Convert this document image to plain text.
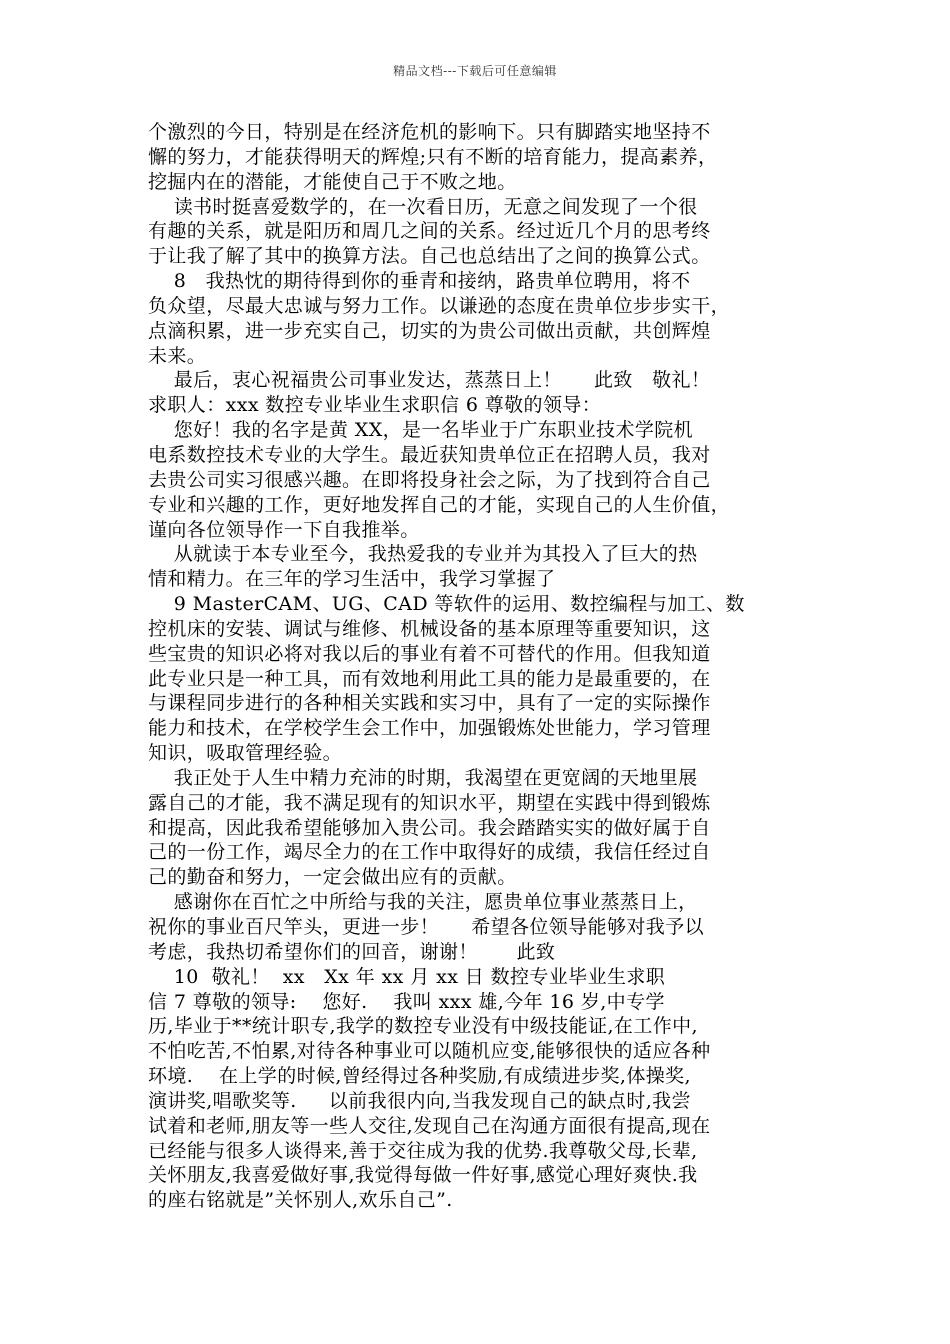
精品文档---下载后可任意编辑
个激烈的今日，特别是在经济危机的影响下。只有脚踏实地坚持不
懈的努力，才能获得明天的辉煌;只有不断的培育能力，提高素养，
挖掘内在的潜能，才能使自己于不败之地。
读书时挺喜爱数学的，在一次看日历，无意之间发现了一个很
有趣的关系，就是阳历和周几之间的关系。经过近几个月的思考终
于让我了解了其中的换算方法。自己也总结出了之间的换算公式。
8   我热忱的期待得到你的垂青和接纳，路贵单位聘用，将不
负众望，尽最大忠诚与努力工作。以谦逊的态度在贵单位步步实干，
点滴积累，进一步充实自己，切实的为贵公司做出贡献，共创辉煌
未来。
最后，衷心祝福贵公司事业发达，蒸蒸日上！     此致   敬礼！
求职人：xxx 数控专业毕业生求职信 6 尊敬的领导：
您好！我的名字是黄 XX，是一名毕业于广东职业技术学院机
电系数控技术专业的大学生。最近获知贵单位正在招聘人员，我对
去贵公司实习很感兴趣。在即将投身社会之际，为了找到符合自己
专业和兴趣的工作，更好地发挥自己的才能，实现自己的人生价值，
谨向各位领导作一下自我推举。
从就读于本专业至今，我热爱我的专业并为其投入了巨大的热
情和精力。在三年的学习生活中，我学习掌握了
9 MasterCAM、UG、CAD 等软件的运用、数控编程与加工、数
控机床的安装、调试与维修、机械设备的基本原理等重要知识，这
些宝贵的知识必将对我以后的事业有着不可替代的作用。但我知道
此专业只是一种工具，而有效地利用此工具的能力是最重要的，在
与课程同步进行的各种相关实践和实习中，具有了一定的实际操作
能力和技术，在学校学生会工作中，加强锻炼处世能力，学习管理
知识，吸取管理经验。
我正处于人生中精力充沛的时期，我渴望在更宽阔的天地里展
露自己的才能，我不满足现有的知识水平，期望在实践中得到锻炼
和提高，因此我希望能够加入贵公司。我会踏踏实实的做好属于自
己的一份工作，竭尽全力的在工作中取得好的成绩，我信任经过自
己的勤奋和努力，一定会做出应有的贡献。
感谢你在百忙之中所给与我的关注，愿贵单位事业蒸蒸日上，
祝你的事业百尺竿头，更进一步！     希望各位领导能够对我予以
考虑，我热切希望你们的回音，谢谢！      此致
10  敬礼！  xx   Xx 年 xx 月 xx 日 数控专业毕业生求职
信 7 尊敬的领导:    您好.    我叫 xxx 雄,今年 16 岁,中专学
历,毕业于**统计职专,我学的数控专业没有中级技能证,在工作中,
不怕吃苦,不怕累,对待各种事业可以随机应变,能够很快的适应各种
环境.    在上学的时候,曾经得过各种奖励,有成绩进步奖,体操奖,
演讲奖,唱歌奖等.     以前我很内向,当我发现自己的缺点时,我尝
试着和老师,朋友等一些人交往,发现自己在沟通方面很有提高,现在
已经能与很多人谈得来,善于交往成为我的优势.我尊敬父母,长辈,
关怀朋友,我喜爱做好事,我觉得每做一件好事,感觉心理好爽快.我
的座右铭就是”关怀别人,欢乐自己”.
